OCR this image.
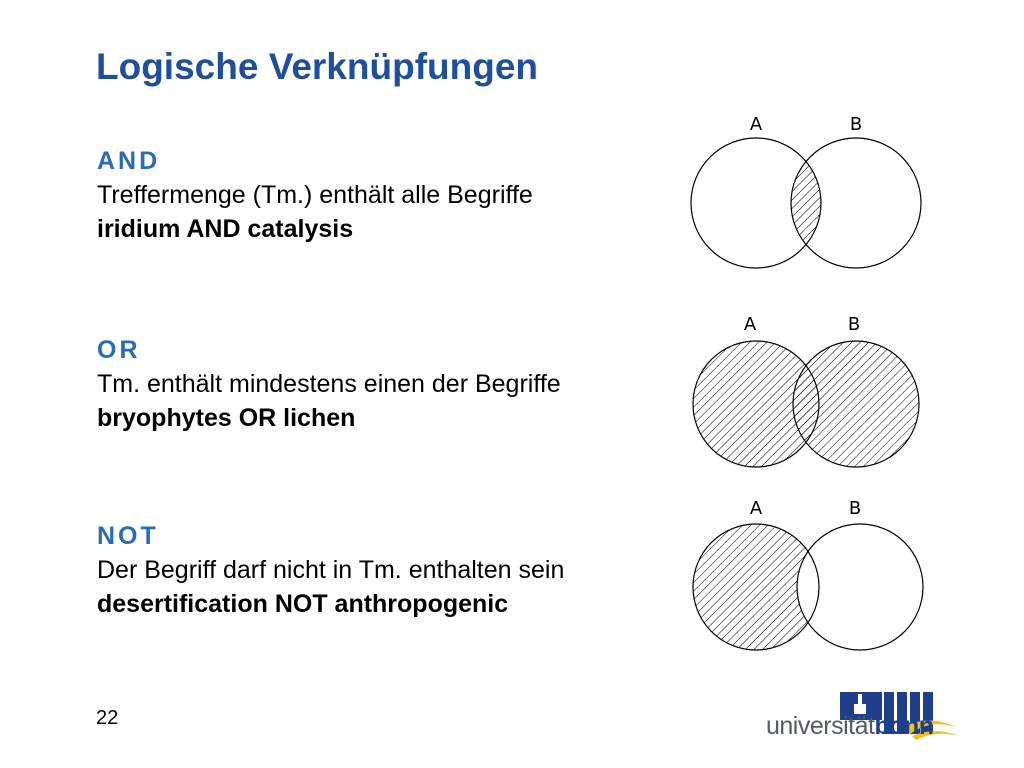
Logische Verknüpfungen
AND
Treffermenge (Tm.) enthält alle Begriffe
iridium AND catalysis
OR
Tm. enthält mindestens einen der Begriffe
bryophytes OR lichen
NOT
Der Begriff darf nicht in Tm. enthalten sein
desertification NOT anthropogenic
A	B
A	B
A	B
22	universitätbonn
